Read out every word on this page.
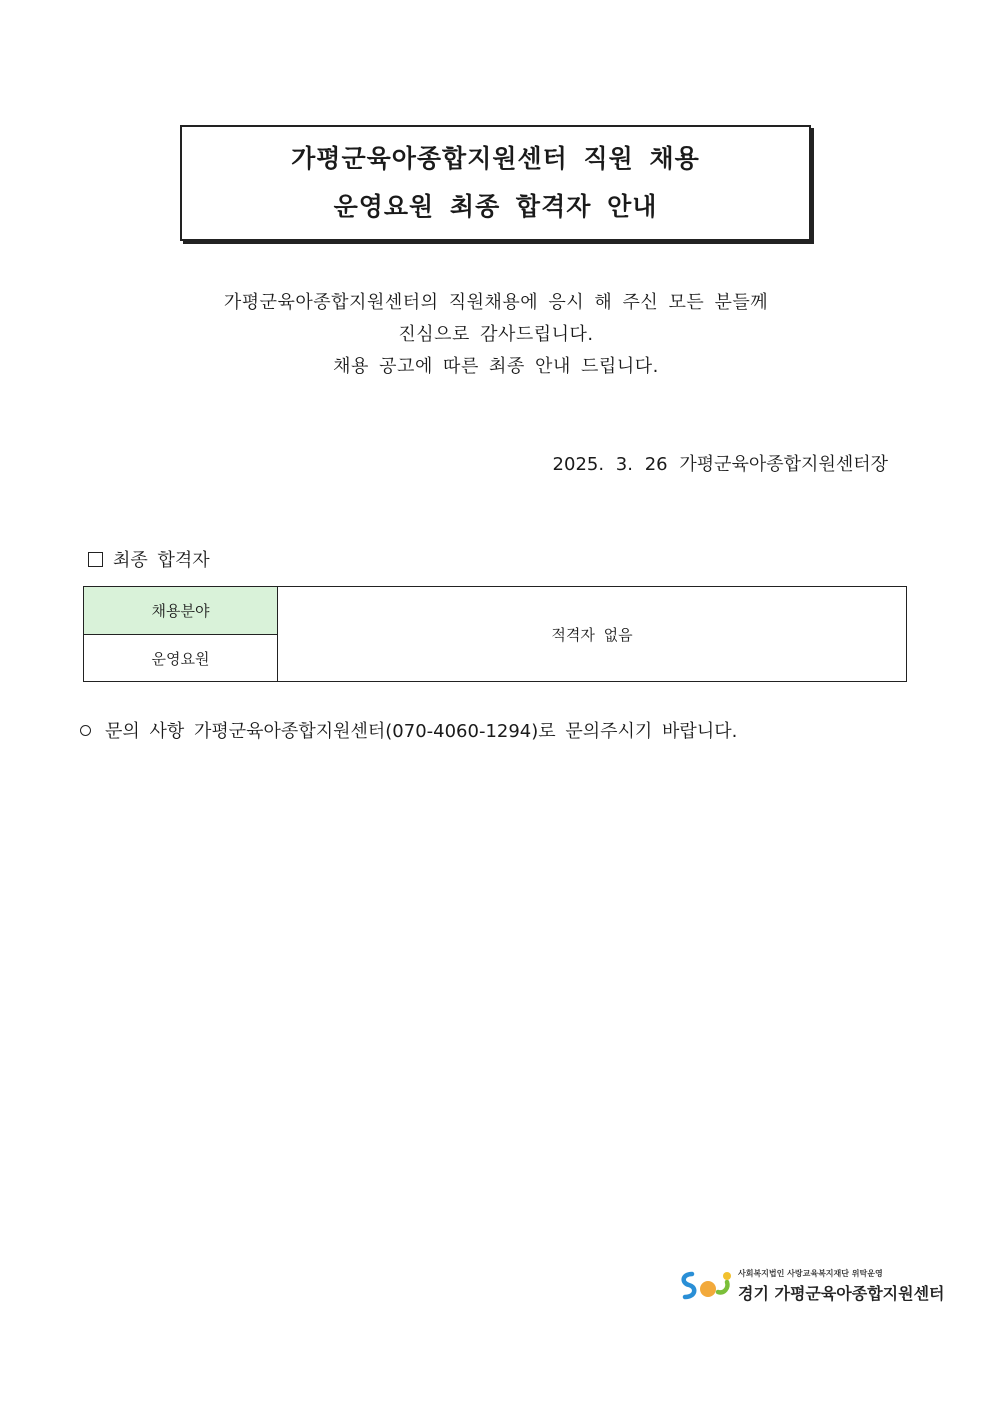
가평군육아종합지원센터 직원 채용
운영요원 최종 합격자 안내
가평군육아종합지원센터의 직원채용에 응시 해 주신 모든 분들께
진심으로 감사드립니다.
채용 공고에 따른 최종 안내 드립니다.
2025. 3. 26 가평군육아종합지원센터장
최종 합격자
채용분야
운영요원
적격자 없음
문의 사항 가평군육아종합지원센터(070-4060-1294)로 문의주시기 바랍니다.
사회복지법인 사랑교육복지재단 위탁운영
경기 가평군육아종합지원센터
